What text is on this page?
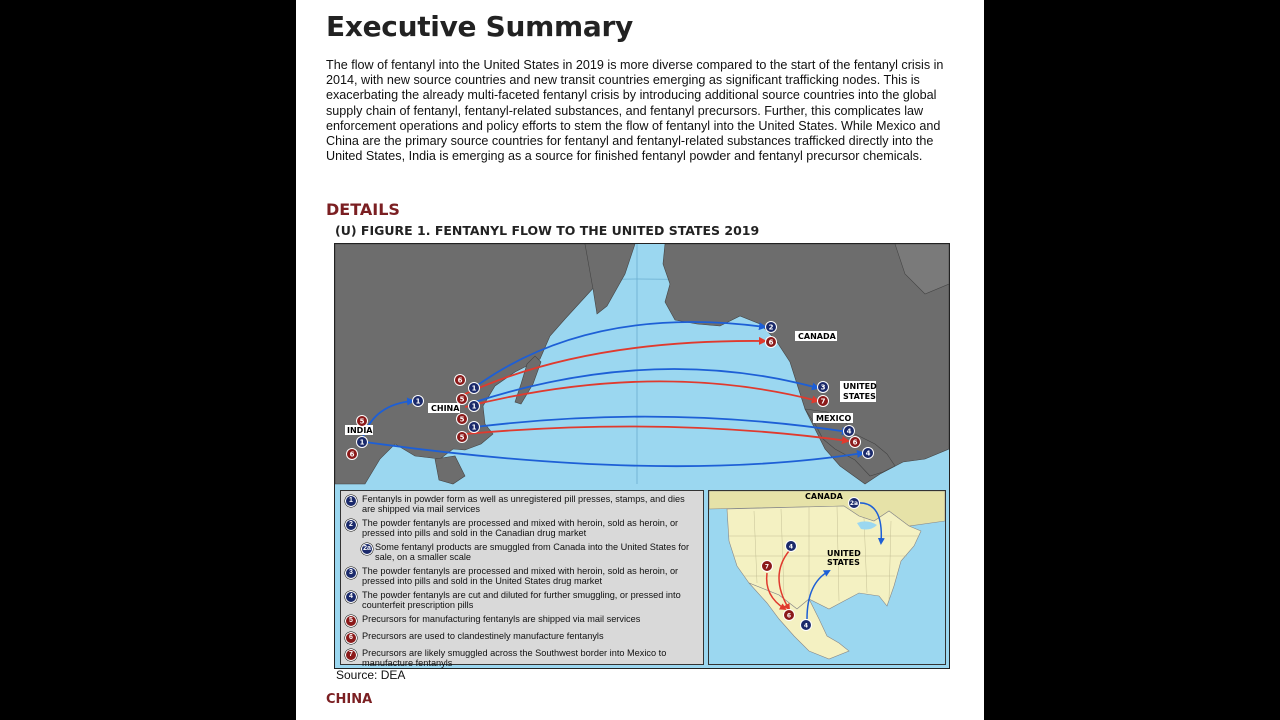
Executive Summary

The flow of fentanyl into the United States in 2019 is more diverse compared to the start of the fentanyl crisis in 2014, with new source countries and new transit countries emerging as significant trafficking nodes. This is exacerbating the already multi-faceted fentanyl crisis by introducing additional source countries into the global supply chain of fentanyl, fentanyl-related substances, and fentanyl precursors. Further, this complicates law enforcement operations and policy efforts to stem the flow of fentanyl into the United States. While Mexico and China are the primary source countries for fentanyl and fentanyl-related substances trafficked directly into the United States, India is emerging as a source for finished fentanyl powder and fentanyl precursor chemicals.

DETAILS
(U) FIGURE 1. FENTANYL FLOW TO THE UNITED STATES 2019
CANADA
UNITED
STATES
MEXICO
CHINA
INDIA
1
6
5
1
5
1
5
1
5
1
6
2
6
3
7
4
6
4
1 Fentanyls in powder form as well as unregistered pill presses, stamps, and dies are shipped via mail services
2 The powder fentanyls are processed and mixed with heroin, sold as heroin, or pressed into pills and sold in the Canadian drug market
2a Some fentanyl products are smuggled from Canada into the United States for sale, on a smaller scale
3 The powder fentanyls are processed and mixed with heroin, sold as heroin, or pressed into pills and sold in the United States drug market
4 The powder fentanyls are cut and diluted for further smuggling, or pressed into counterfeit prescription pills
5 Precursors for manufacturing fentanyls are shipped via mail services
6 Precursors are used to clandestinely manufacture fentanyls
7 Precursors are likely smuggled across the Southwest border into Mexico to manufacture fentanyls
CANADA
UNITED
STATES
2a
4
7
6
4
Source: DEA
CHINA
